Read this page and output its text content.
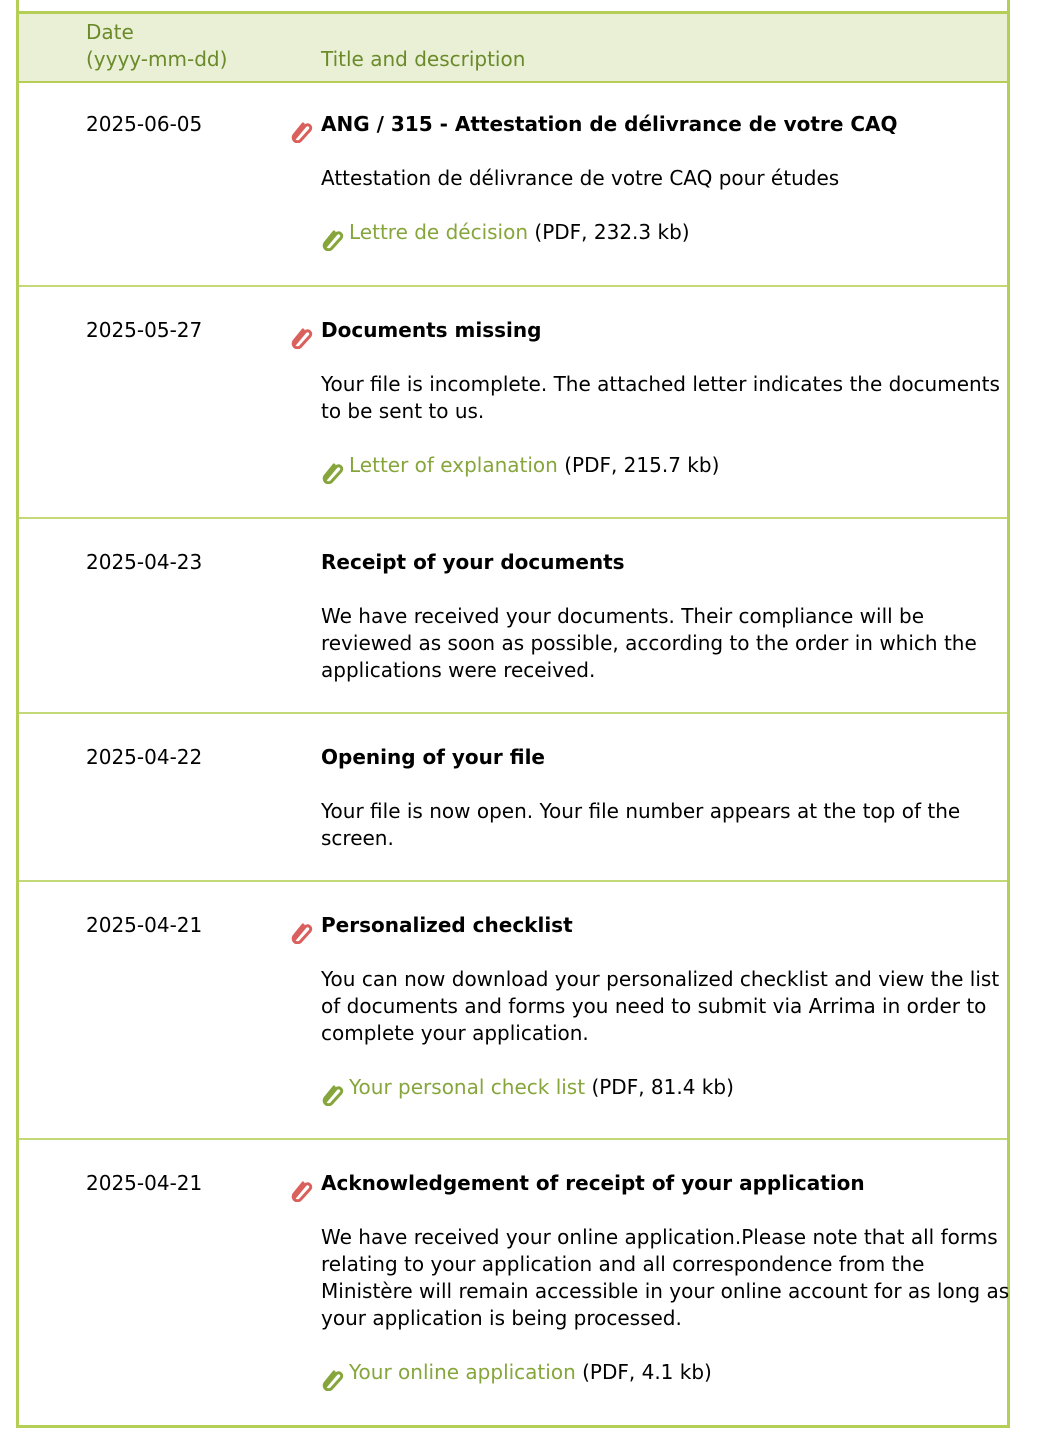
Date
(yyyy-mm-dd)	Title and description
2025-06-05	ANG / 315 - Attestation de délivrance de votre CAQ
Attestation de délivrance de votre CAQ pour études
Lettre de décision (PDF, 232.3 kb)
2025-05-27	Documents missing
Your file is incomplete. The attached letter indicates the documents to be sent to us.
Letter of explanation (PDF, 215.7 kb)
2025-04-23	Receipt of your documents
We have received your documents. Their compliance will be reviewed as soon as possible, according to the order in which the applications were received.
2025-04-22	Opening of your file
Your file is now open. Your file number appears at the top of the screen.
2025-04-21	Personalized checklist
You can now download your personalized checklist and view the list of documents and forms you need to submit via Arrima in order to complete your application.
Your personal check list (PDF, 81.4 kb)
2025-04-21	Acknowledgement of receipt of your application
We have received your online application.Please note that all forms relating to your application and all correspondence from the Ministère will remain accessible in your online account for as long as your application is being processed.
Your online application (PDF, 4.1 kb)
